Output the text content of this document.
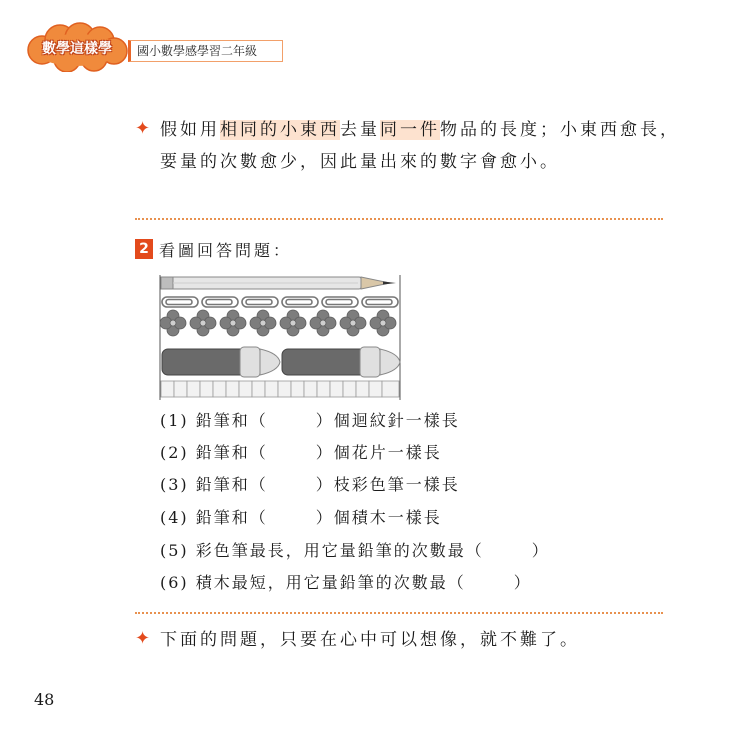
數學這樣學	國小數學感學習二年級
✦ 假如用相同的小東西去量同一件物品的長度；小東西愈長，要量的次數愈少，因此量出來的數字會愈小。
2 看圖回答問題：
(1) 鉛筆和（	）個迴紋針一樣長
(2) 鉛筆和（	）個花片一樣長
(3) 鉛筆和（	）枝彩色筆一樣長
(4) 鉛筆和（	）個積木一樣長
(5) 彩色筆最長，用它量鉛筆的次數最（	）
(6) 積木最短，用它量鉛筆的次數最（	）
✦ 下面的問題，只要在心中可以想像，就不難了。
48
